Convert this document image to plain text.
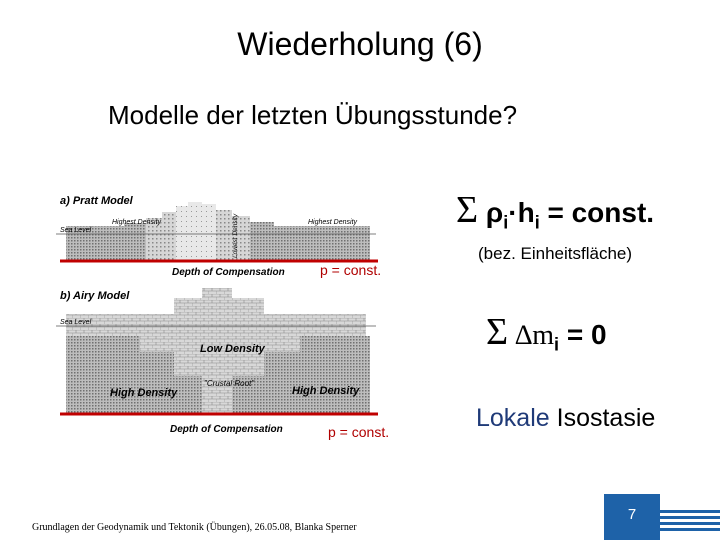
Wiederholung (6)
Modelle der letzten Übungsstunde?
a) Pratt Model
Sea Level
Highest Density	Highest Density
Lowest Density
Depth of Compensation
b) Airy Model
Sea Level
Low Density
"Crustal Root"
High Density	High Density
Depth of Compensation
p = const.
p = const.
Σ $\rho_i\cdot h_i$ = const.
(bez. Einheitsfläche)
Σ $\Delta m_i = 0$
Lokale Isostasie
Grundlagen der Geodynamik und Tektonik (Übungen), 26.05.08, Blanka Sperner
7
